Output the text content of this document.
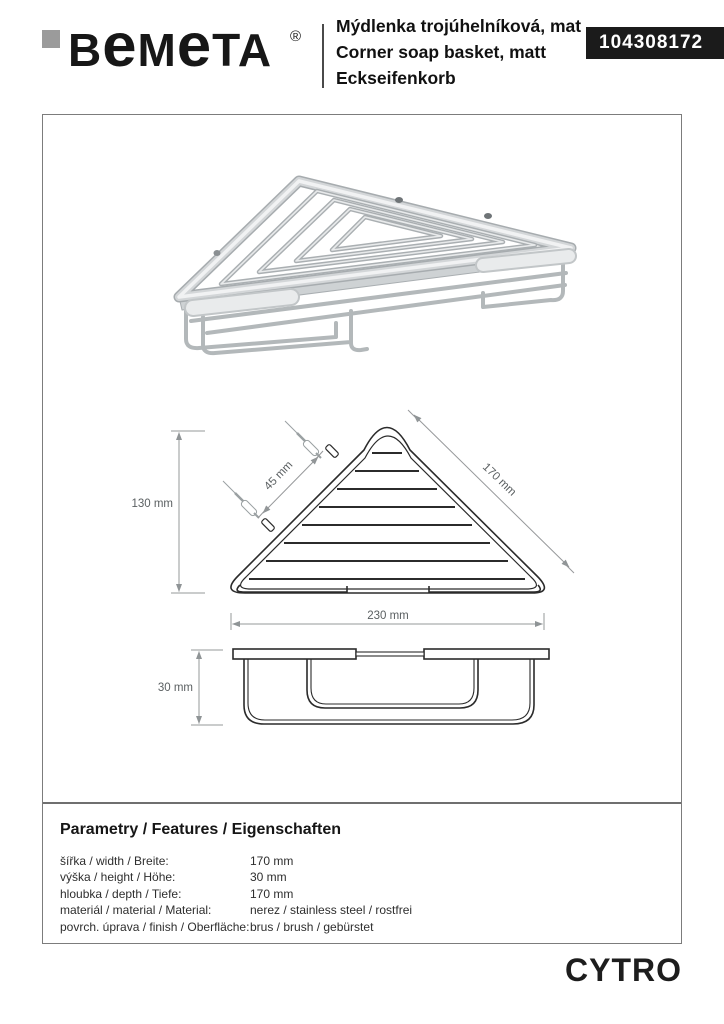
BeMeTA ®
Mýdlenka trojúhelníková, mat
Corner soap basket, matt
Eckseifenkorb
104308172
130 mm
45 mm	170 mm
230 mm
30 mm
Parametry / Features / Eigenschaften
šířka / width / Breite:	170 mm
výška / height / Höhe:	30 mm
hloubka / depth / Tiefe:	170 mm
materiál / material / Material:	nerez / stainless steel / rostfrei
povrch. úprava / finish / Oberfläche: brus / brush / gebürstet
CYTRO
